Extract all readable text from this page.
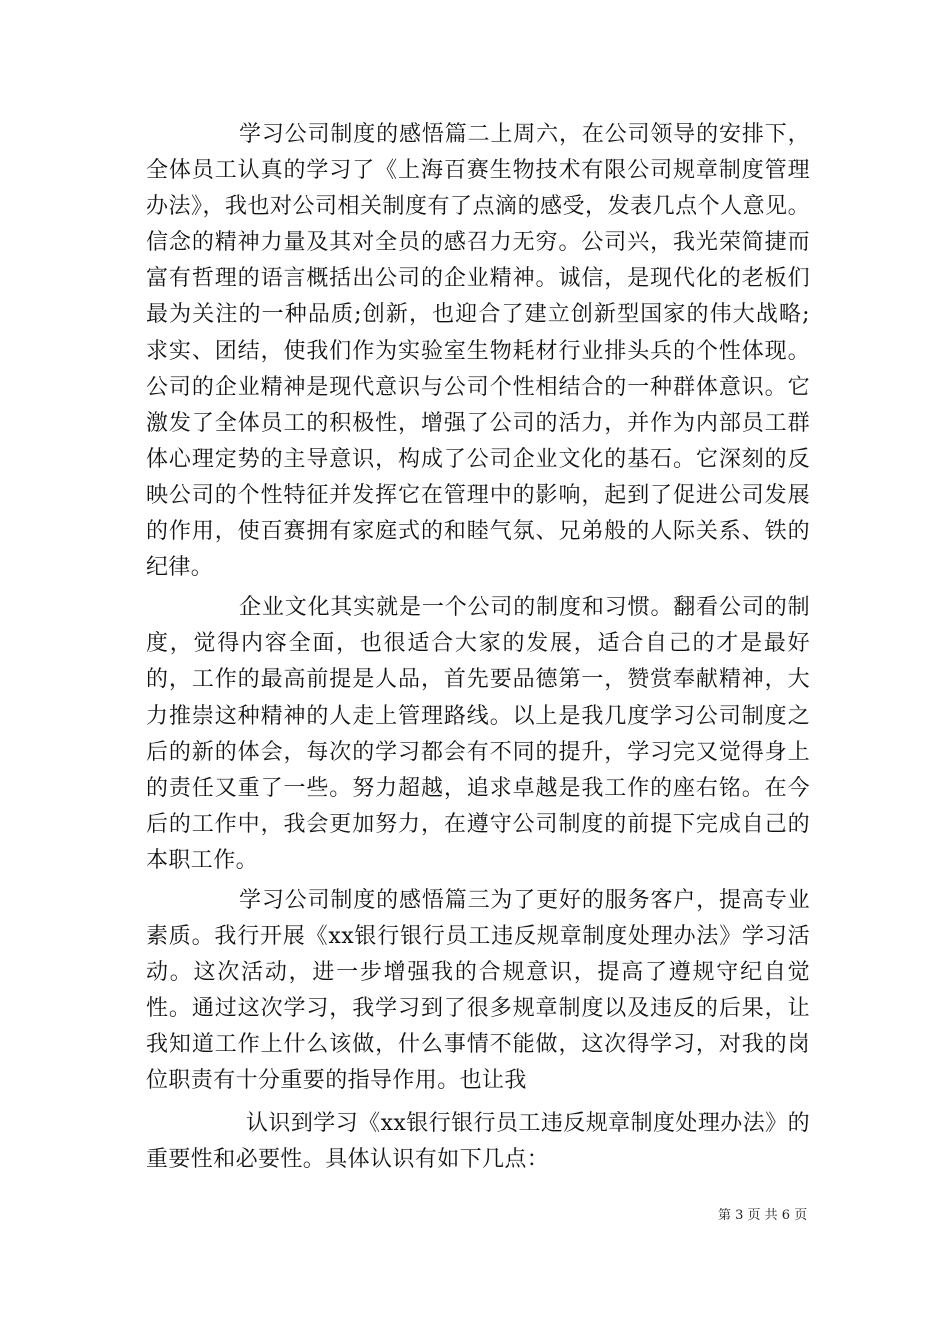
学习公司制度的感悟篇二上周六，在公司领导的安排下，全体员工认真的学习了《上海百赛生物技术有限公司规章制度管理办法》，我也对公司相关制度有了点滴的感受，发表几点个人意见。信念的精神力量及其对全员的感召力无穷。公司兴，我光荣简捷而富有哲理的语言概括出公司的企业精神。诚信，是现代化的老板们最为关注的一种品质;创新，也迎合了建立创新型国家的伟大战略;求实、团结，使我们作为实验室生物耗材行业排头兵的个性体现。公司的企业精神是现代意识与公司个性相结合的一种群体意识。它激发了全体员工的积极性，增强了公司的活力，并作为内部员工群体心理定势的主导意识，构成了公司企业文化的基石。它深刻的反映公司的个性特征并发挥它在管理中的影响，起到了促进公司发展的作用，使百赛拥有家庭式的和睦气氛、兄弟般的人际关系、铁的纪律。

企业文化其实就是一个公司的制度和习惯。翻看公司的制度，觉得内容全面，也很适合大家的发展，适合自己的才是最好的，工作的最高前提是人品，首先要品德第一，赞赏奉献精神，大力推崇这种精神的人走上管理路线。以上是我几度学习公司制度之后的新的体会，每次的学习都会有不同的提升，学习完又觉得身上的责任又重了一些。努力超越，追求卓越是我工作的座右铭。在今后的工作中，我会更加努力，在遵守公司制度的前提下完成自己的本职工作。

学习公司制度的感悟篇三为了更好的服务客户，提高专业素质。我行开展《xx银行银行员工违反规章制度处理办法》学习活动。这次活动，进一步增强我的合规意识，提高了遵规守纪自觉性。通过这次学习，我学习到了很多规章制度以及违反的后果，让我知道工作上什么该做，什么事情不能做，这次得学习，对我的岗位职责有十分重要的指导作用。也让我

认识到学习《xx银行银行员工违反规章制度处理办法》的重要性和必要性。具体认识有如下几点：

第 3 页 共 6 页
